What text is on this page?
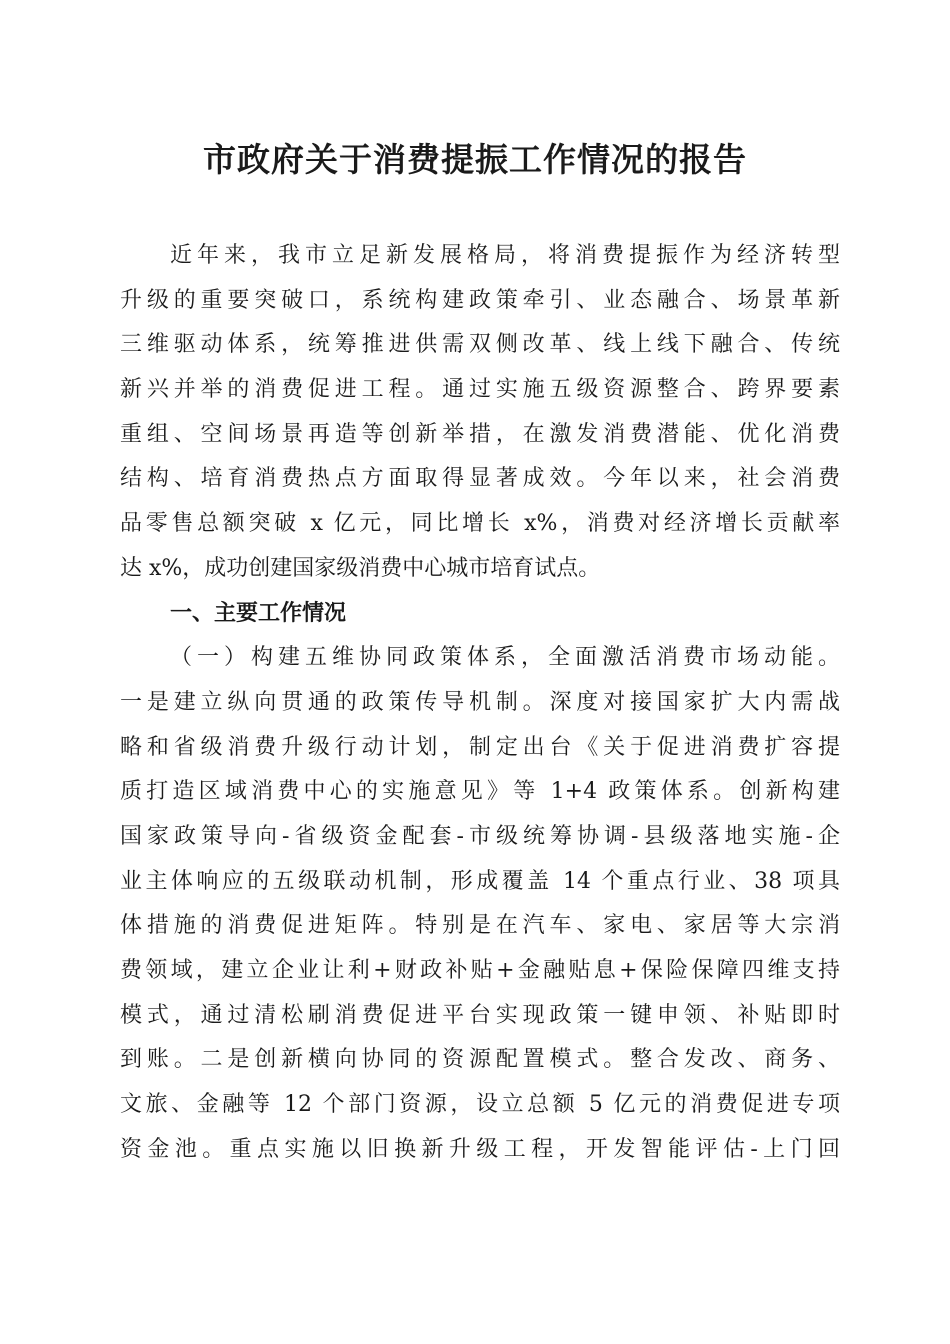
市政府关于消费提振工作情况的报告
近年来，我市立足新发展格局，将消费提振作为经济转型
升级的重要突破口，系统构建政策牵引、业态融合、场景革新
三维驱动体系，统筹推进供需双侧改革、线上线下融合、传统
新兴并举的消费促进工程。通过实施五级资源整合、跨界要素
重组、空间场景再造等创新举措，在激发消费潜能、优化消费
结构、培育消费热点方面取得显著成效。今年以来，社会消费
品零售总额突破 x 亿元，同比增长 x%，消费对经济增长贡献率
达 x%，成功创建国家级消费中心城市培育试点。
一、主要工作情况
（一）构建五维协同政策体系，全面激活消费市场动能。
一是建立纵向贯通的政策传导机制。深度对接国家扩大内需战
略和省级消费升级行动计划，制定出台《关于促进消费扩容提
质打造区域消费中心的实施意见》等 1+4 政策体系。创新构建
国家政策导向-省级资金配套-市级统筹协调-县级落地实施-企
业主体响应的五级联动机制，形成覆盖 14 个重点行业、38 项具
体措施的消费促进矩阵。特别是在汽车、家电、家居等大宗消
费领域，建立企业让利+财政补贴+金融贴息+保险保障四维支持
模式，通过清松刷消费促进平台实现政策一键申领、补贴即时
到账。二是创新横向协同的资源配置模式。整合发改、商务、
文旅、金融等 12 个部门资源，设立总额 5 亿元的消费促进专项
资金池。重点实施以旧换新升级工程，开发智能评估-上门回
